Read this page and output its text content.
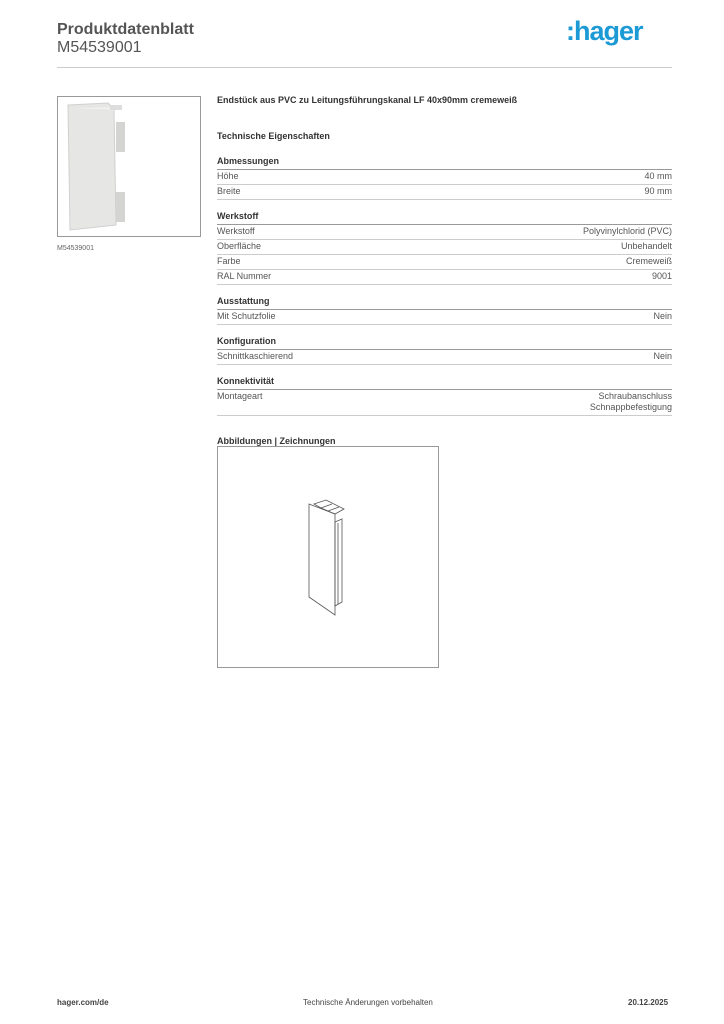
Produktdatenblatt
M54539001
:hager
M54539001
Endstück aus PVC zu Leitungsführungskanal LF 40x90mm cremeweiß
Technische Eigenschaften
Abmessungen
Höhe	40 mm
Breite	90 mm
Werkstoff
Werkstoff	Polyvinylchlorid (PVC)
Oberfläche	Unbehandelt
Farbe	Cremeweiß
RAL Nummer	9001
Ausstattung
Mit Schutzfolie	Nein
Konfiguration
Schnittkaschierend	Nein
Konnektivität
Montageart	Schraubanschluss
Schnappbefestigung
Abbildungen | Zeichnungen
hager.com/de	Technische Änderungen vorbehalten	20.12.2025
